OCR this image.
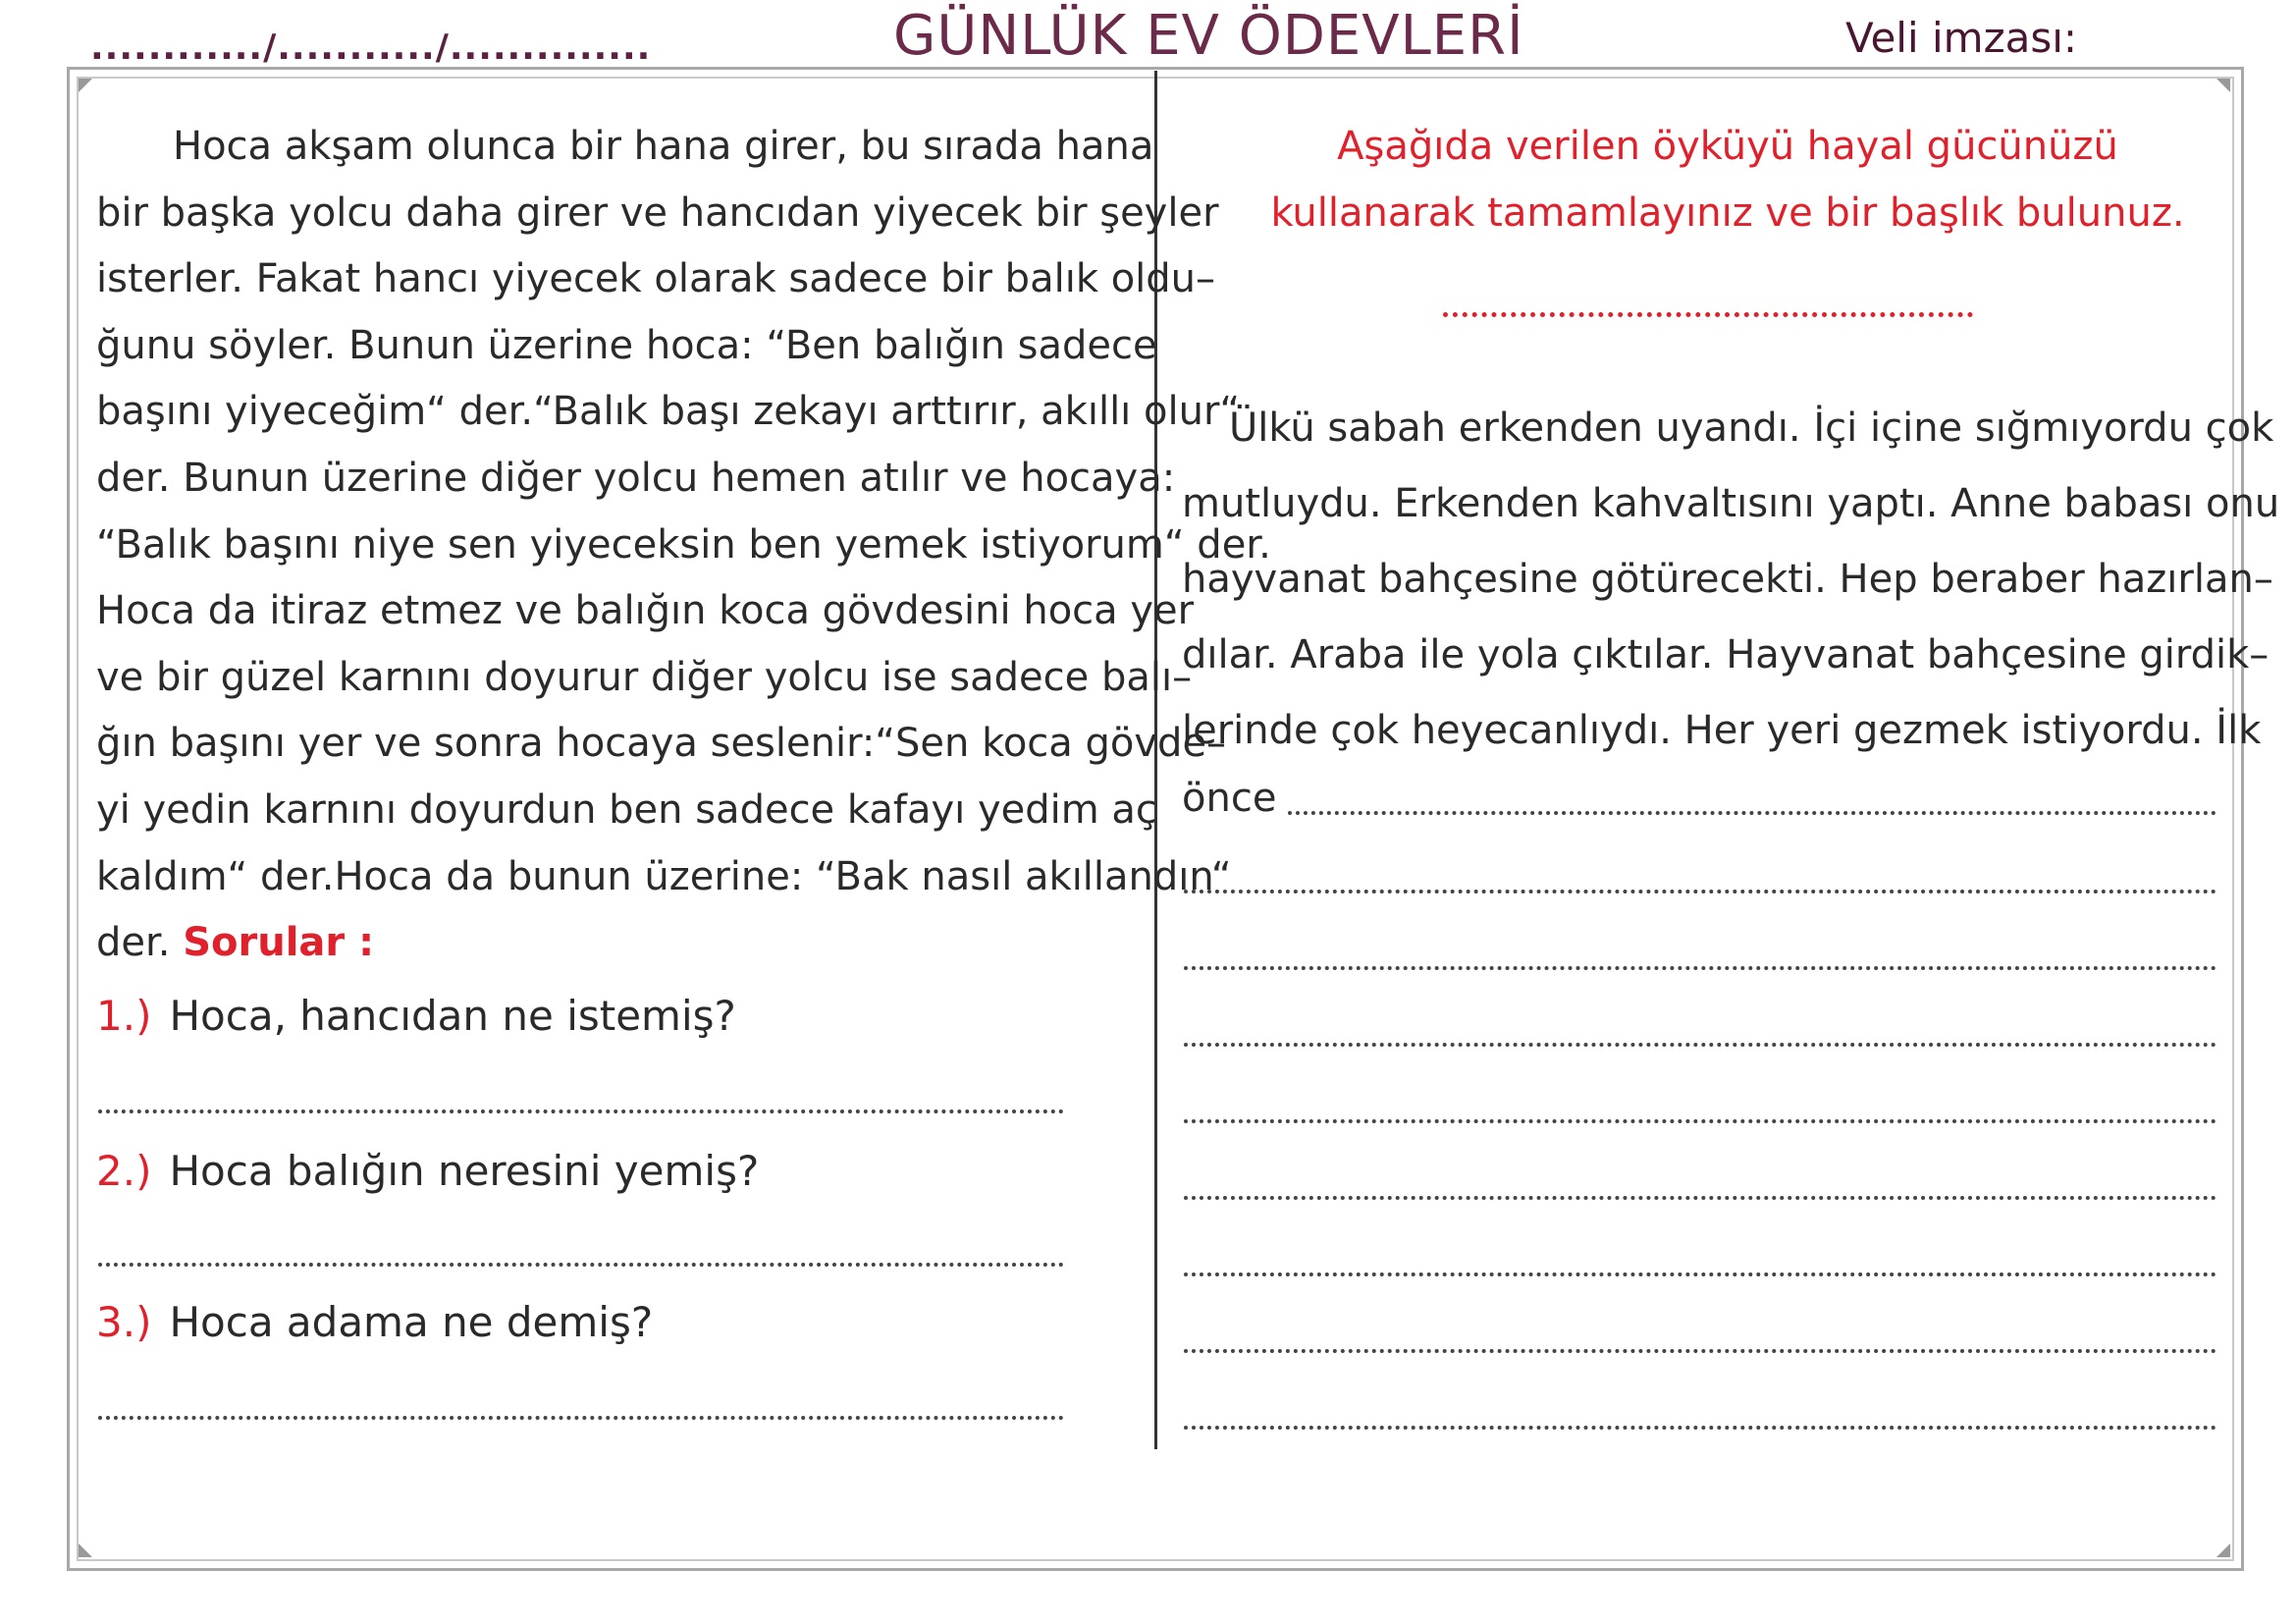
............/.........../..............	GÜNLÜK EV ÖDEVLERİ	Veli imzası:
Hoca akşam olunca bir hana girer, bu sırada hana
bir başka yolcu daha girer ve hancıdan yiyecek bir şeyler
isterler. Fakat hancı yiyecek olarak sadece bir balık oldu–
ğunu söyler. Bunun üzerine hoca: “Ben balığın sadece
başını yiyeceğim“ der.“Balık başı zekayı arttırır, akıllı olur“
der. Bunun üzerine diğer yolcu hemen atılır ve hocaya:
“Balık başını niye sen yiyeceksin ben yemek istiyorum“ der.
Hoca da itiraz etmez ve balığın koca gövdesini hoca yer
ve bir güzel karnını doyurur diğer yolcu ise sadece balı–
ğın başını yer ve sonra hocaya seslenir:“Sen koca gövde–
yi yedin karnını doyurdun ben sadece kafayı yedim aç
kaldım“ der.Hoca da bunun üzerine: “Bak nasıl akıllandın“
der. Sorular :
1.) Hoca, hancıdan ne istemiş?
2.) Hoca balığın neresini yemiş?
3.) Hoca adama ne demiş?
Aşağıda verilen öyküyü hayal gücünüzü
kullanarak tamamlayınız ve bir başlık bulunuz.
Ülkü sabah erkenden uyandı. İçi içine sığmıyordu çok
mutluydu. Erkenden kahvaltısını yaptı. Anne babası onu
hayvanat bahçesine götürecekti. Hep beraber hazırlan–
dılar. Araba ile yola çıktılar. Hayvanat bahçesine girdik–
lerinde çok heyecanlıydı. Her yeri gezmek istiyordu. İlk
önce
